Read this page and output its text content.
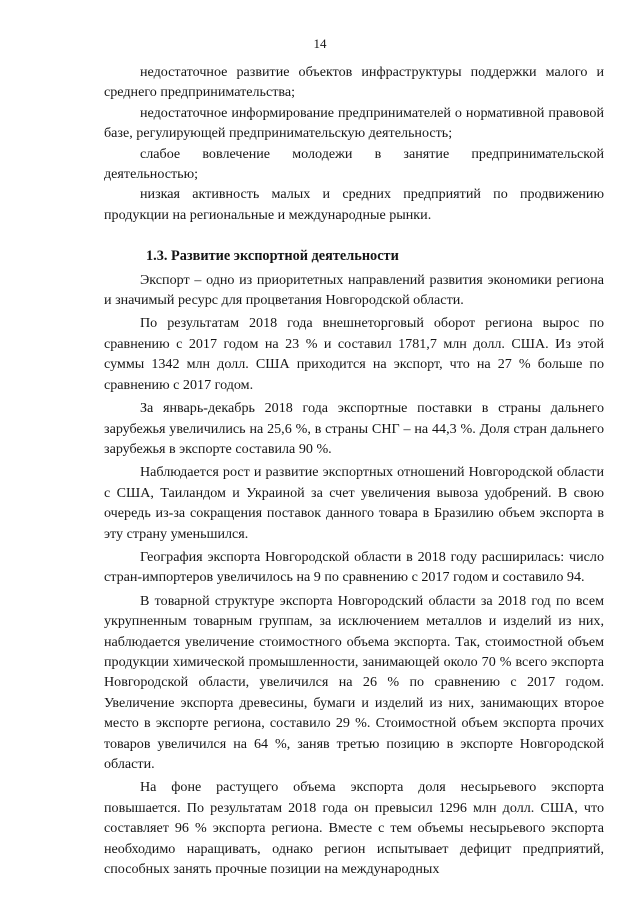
14

недостаточное развитие объектов инфраструктуры поддержки малого и среднего предпринимательства;

недостаточное информирование предпринимателей о нормативной правовой базе, регулирующей предпринимательскую деятельность;

слабое вовлечение молодежи в занятие предпринимательской деятельностью;

низкая активность малых и средних предприятий по продвижению продукции на региональные и международные рынки.

1.3. Развитие экспортной деятельности

Экспорт – одно из приоритетных направлений развития экономики региона и значимый ресурс для процветания Новгородской области.

По результатам 2018 года внешнеторговый оборот региона вырос по сравнению с 2017 годом на 23 % и составил 1781,7 млн долл. США. Из этой суммы 1342 млн долл. США приходится на экспорт, что на 27 % больше по сравнению с 2017 годом.

За январь-декабрь 2018 года экспортные поставки в страны дальнего зарубежья увеличились на 25,6 %, в страны СНГ – на 44,3 %. Доля стран дальнего зарубежья в экспорте составила 90 %.

Наблюдается рост и развитие экспортных отношений Новгородской области с США, Таиландом и Украиной за счет увеличения вывоза удобрений. В свою очередь из-за сокращения поставок данного товара в Бразилию объем экспорта в эту страну уменьшился.

География экспорта Новгородской области в 2018 году расширилась: число стран-импортеров увеличилось на 9 по сравнению с 2017 годом и составило 94.

В товарной структуре экспорта Новгородский области за 2018 год по всем укрупненным товарным группам, за исключением металлов и изделий из них, наблюдается увеличение стоимостного объема экспорта. Так, стоимостной объем продукции химической промышленности, занимающей около 70 % всего экспорта Новгородской области, увеличился на 26 % по сравнению с 2017 годом. Увеличение экспорта древесины, бумаги и изделий из них, занимающих второе место в экспорте региона, составило 29 %. Стоимостной объем экспорта прочих товаров увеличился на 64 %, заняв третью позицию в экспорте Новгородской области.

На фоне растущего объема экспорта доля несырьевого экспорта повышается. По результатам 2018 года он превысил 1296 млн долл. США, что составляет 96 % экспорта региона. Вместе с тем объемы несырьевого экспорта необходимо наращивать, однако регион испытывает дефицит предприятий, способных занять прочные позиции на международных
